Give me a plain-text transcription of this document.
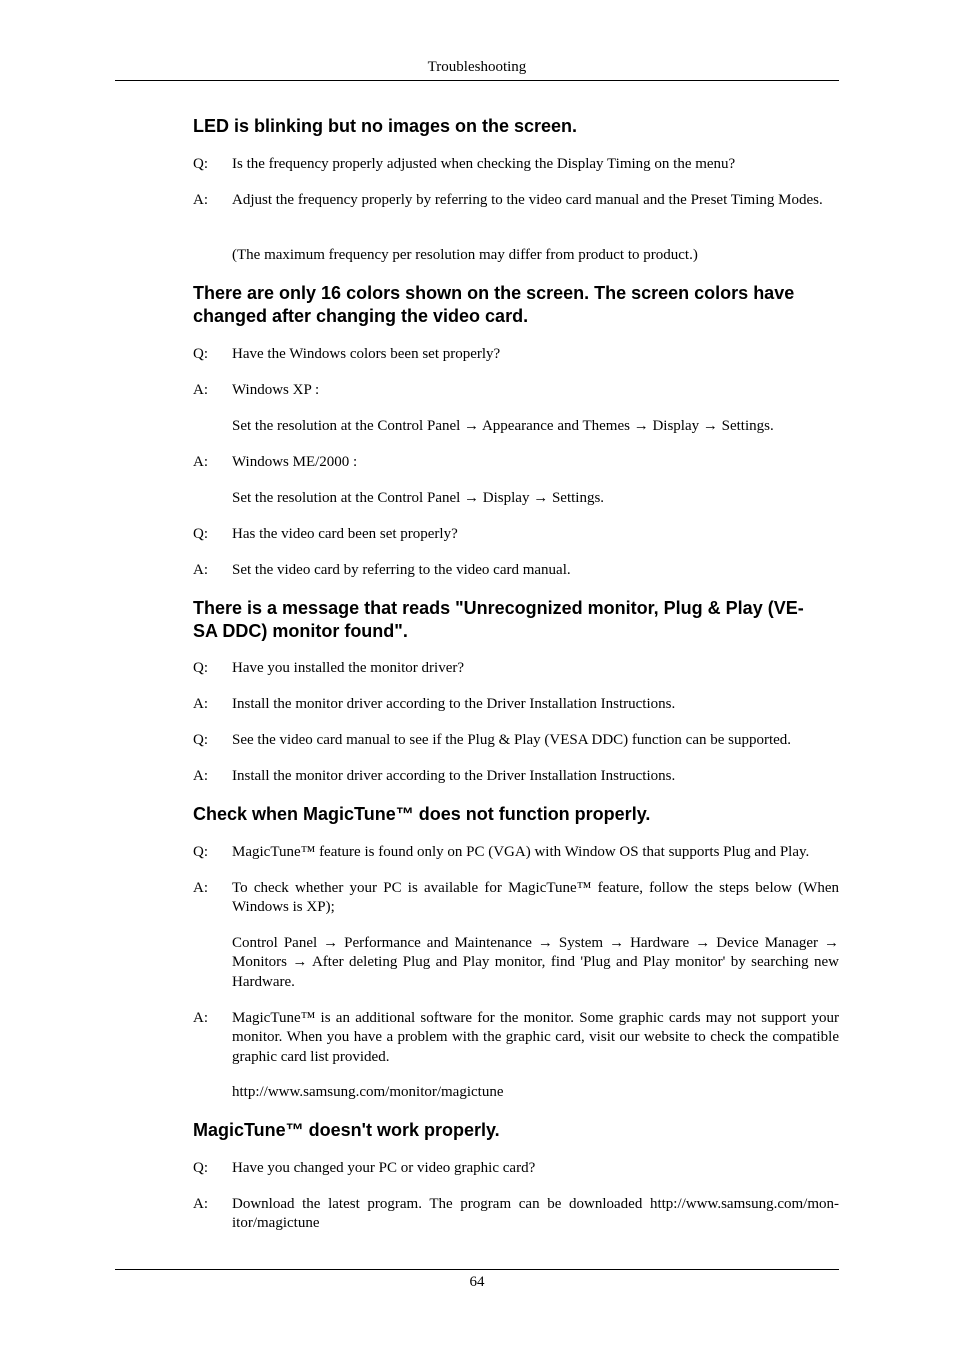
Troubleshooting
LED is blinking but no images on the screen.
Q:	Is the frequency properly adjusted when checking the Display Timing on the menu?
A:	Adjust the frequency properly by referring to the video card manual and the Preset Timing Modes.
(The maximum frequency per resolution may differ from product to product.)
There are only 16 colors shown on the screen. The screen colors have
changed after changing the video card.
Q:	Have the Windows colors been set properly?
A:	Windows XP :
Set the resolution at the Control Panel → Appearance and Themes → Display → Settings.
A:	Windows ME/2000 :
Set the resolution at the Control Panel → Display → Settings.
Q:	Has the video card been set properly?
A:	Set the video card by referring to the video card manual.
There is a message that reads "Unrecognized monitor, Plug & Play (VE-
SA DDC) monitor found".
Q:	Have you installed the monitor driver?
A:	Install the monitor driver according to the Driver Installation Instructions.
Q:	See the video card manual to see if the Plug & Play (VESA DDC) function can be supported.
A:	Install the monitor driver according to the Driver Installation Instructions.
Check when MagicTune™ does not function properly.
Q:	MagicTune™ feature is found only on PC (VGA) with Window OS that supports Plug and Play.
A:	To check whether your PC is available for MagicTune™ feature, follow the steps below (When Windows is XP);
Control Panel → Performance and Maintenance → System → Hardware → Device Manager → Monitors → After deleting Plug and Play monitor, find 'Plug and Play monitor' by searching new Hardware.
A:	MagicTune™ is an additional software for the monitor. Some graphic cards may not support your monitor. When you have a problem with the graphic card, visit our website to check the compatible graphic card list provided.
http://www.samsung.com/monitor/magictune
MagicTune™ doesn't work properly.
Q:	Have you changed your PC or video graphic card?
A:	Download the latest program. The program can be downloaded http://www.samsung.com/mon-itor/magictune
64
